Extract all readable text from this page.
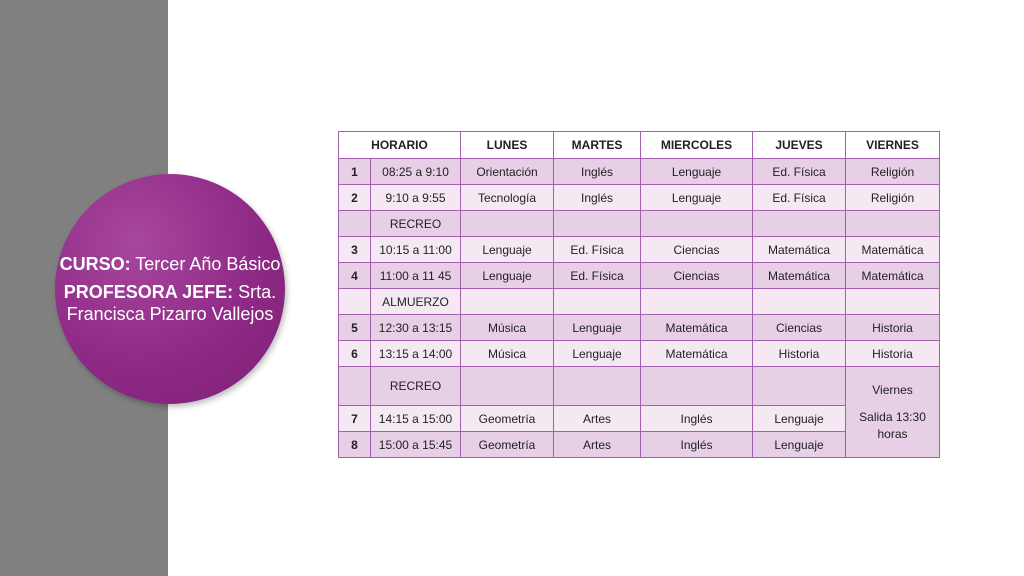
CURSO: Tercer Año Básico
PROFESORA JEFE: Srta. Francisca Pizarro Vallejos
HORARIO		LUNES	MARTES	MIERCOLES	JUEVES	VIERNES
1	08:25 a 9:10	Orientación	Inglés	Lenguaje	Ed. Física	Religión
2	9:10 a 9:55	Tecnología	Inglés	Lenguaje	Ed. Física	Religión
	RECREO					
3	10:15 a 11:00	Lenguaje	Ed. Física	Ciencias	Matemática	Matemática
4	11:00 a 11 45	Lenguaje	Ed. Física	Ciencias	Matemática	Matemática
	ALMUERZO					
5	12:30 a 13:15	Música	Lenguaje	Matemática	Ciencias	Historia
6	13:15 a 14:00	Música	Lenguaje	Matemática	Historia	Historia
	RECREO					Viernes
Salida 13:30
horas

7	14:15 a 15:00	Geometría	Artes	Inglés	Lenguaje	
8	15:00 a 15:45	Geometría	Artes	Inglés	Lenguaje	
